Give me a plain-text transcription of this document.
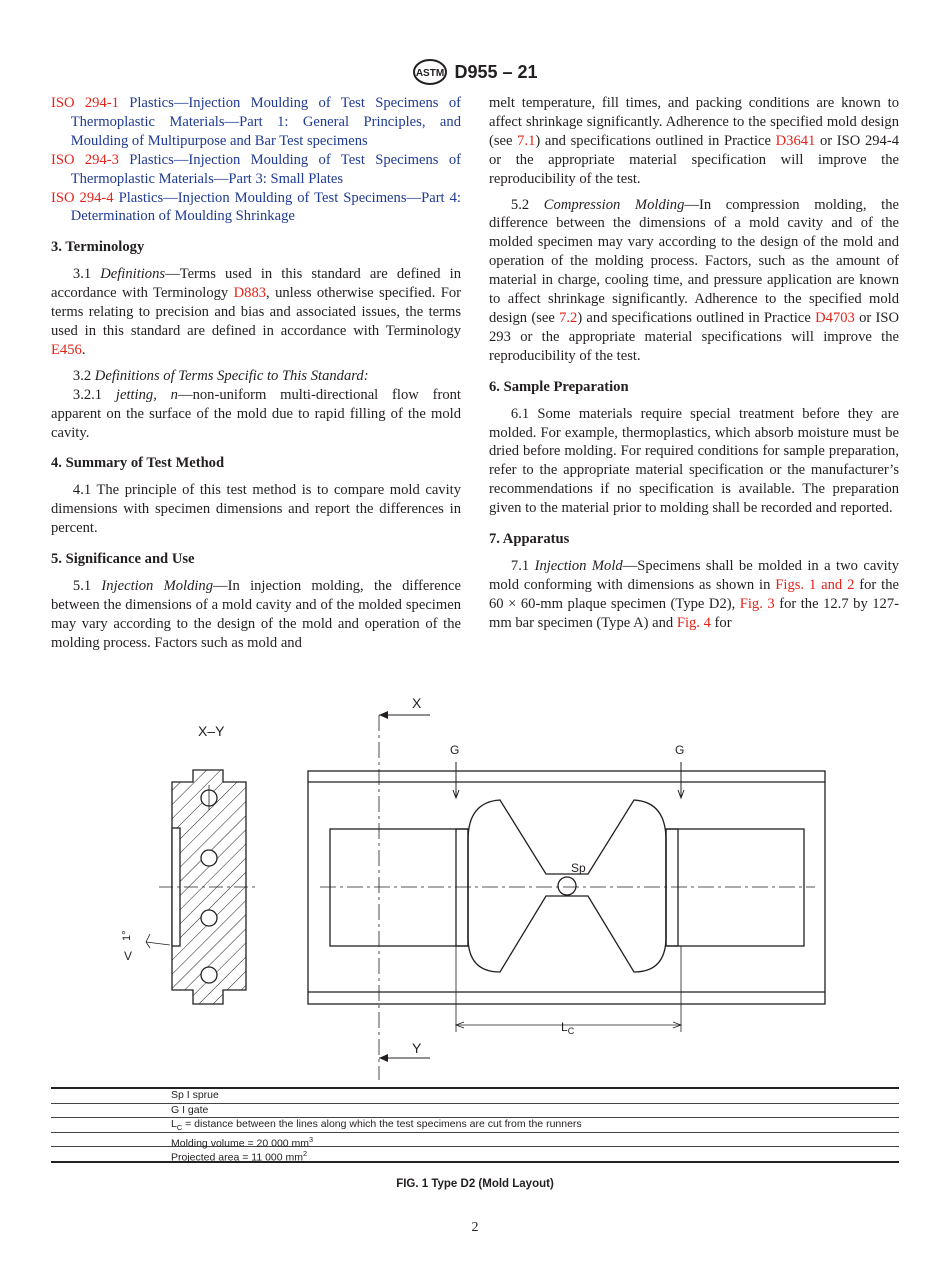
ASTM D955 – 21

ISO 294-1 Plastics—Injection Moulding of Test Specimens of Thermoplastic Materials—Part 1: General Principles, and Moulding of Multipurpose and Bar Test specimens

ISO 294-3 Plastics—Injection Moulding of Test Specimens of Thermoplastic Materials—Part 3: Small Plates

ISO 294-4 Plastics—Injection Moulding of Test Specimens—Part 4: Determination of Moulding Shrinkage

3. Terminology

3.1 Definitions—Terms used in this standard are defined in accordance with Terminology D883, unless otherwise specified. For terms relating to precision and bias and associated issues, the terms used in this standard are defined in accordance with Terminology E456.

3.2 Definitions of Terms Specific to This Standard:

3.2.1 jetting, n—non-uniform multi-directional flow front apparent on the surface of the mold due to rapid filling of the mold cavity.

4. Summary of Test Method

4.1 The principle of this test method is to compare mold cavity dimensions with specimen dimensions and report the differences in percent.

5. Significance and Use

5.1 Injection Molding—In injection molding, the difference between the dimensions of a mold cavity and of the molded specimen may vary according to the design of the mold and operation of the molding process. Factors such as mold and

melt temperature, fill times, and packing conditions are known to affect shrinkage significantly. Adherence to the specified mold design (see 7.1) and specifications outlined in Practice D3641 or ISO 294-4 or the appropriate material specification will improve the reproducibility of the test.

5.2 Compression Molding—In compression molding, the difference between the dimensions of a mold cavity and of the molded specimen may vary according to the design of the mold and operation of the molding process. Factors, such as the amount of material in charge, cooling time, and pressure application are known to affect shrinkage significantly. Adherence to the specified mold design (see 7.2) and specifications outlined in Practice D4703 or ISO 293 or the appropriate material specifications will improve the reproducibility of the test.

6. Sample Preparation

6.1 Some materials require special treatment before they are molded. For example, thermoplastics, which absorb moisture must be dried before molding. For required conditions for sample preparation, refer to the appropriate material specification or the manufacturer’s recommendations if no specification is available. The preparation given to the material prior to molding shall be recorded and reported.

7. Apparatus

7.1 Injection Mold—Specimens shall be molded in a two cavity mold conforming with dimensions as shown in Figs. 1 and 2 for the 60 × 60-mm plaque specimen (Type D2), Fig. 3 for the 12.7 by 127-mm bar specimen (Type A) and Fig. 4 for

X
Y
X–Y
G	G
Sp
$L_C$
V
1°
Sp I sprue
G I gate
$L_C$ = distance between the lines along which the test specimens are cut from the runners
Molding volume = 20 000 $mm^3$
Projected area = 11 000 $mm^2$
FIG. 1 Type D2 (Mold Layout)
2
